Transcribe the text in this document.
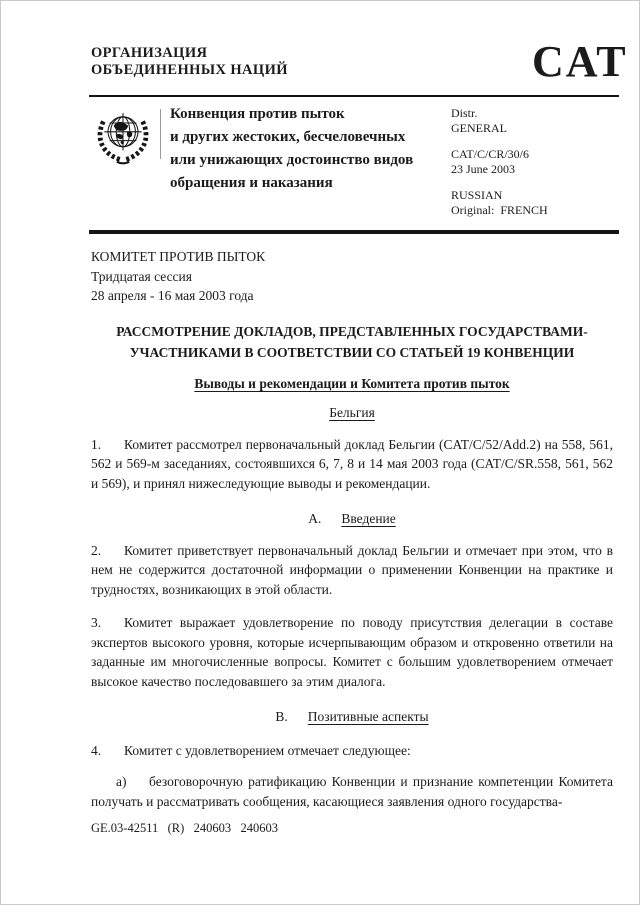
ОРГАНИЗАЦИЯ
ОБЪЕДИНЕННЫХ НАЦИЙ	CAT
Конвенция против пыток
и других жестоких, бесчеловечных
или унижающих достоинство видов
обращения и наказания
Distr.
GENERAL
CAT/C/CR/30/6
23 June 2003
RUSSIAN
Original:  FRENCH
КОМИТЕТ ПРОТИВ ПЫТОК
Тридцатая сессия
28 апреля - 16 мая 2003 года
РАССМОТРЕНИЕ ДОКЛАДОВ, ПРЕДСТАВЛЕННЫХ ГОСУДАРСТВАМИ-
УЧАСТНИКАМИ В СООТВЕТСТВИИ СО СТАТЬЕЙ 19 КОНВЕНЦИИ
Выводы и рекомендации и Комитета против пыток
Бельгия

1. Комитет рассмотрел первоначальный доклад Бельгии (CAT/C/52/Add.2) на 558, 561, 562 и 569-м заседаниях, состоявшихся 6, 7, 8 и 14 мая 2003 года (CAT/C/SR.558, 561, 562 и 569), и принял нижеследующие выводы и рекомендации.

А. Введение

2. Комитет приветствует первоначальный доклад Бельгии и отмечает при этом, что в нем не содержится достаточной информации о применении Конвенции на практике и трудностях, возникающих в этой области.

3. Комитет выражает удовлетворение по поводу присутствия делегации в составе экспертов высокого уровня, которые исчерпывающим образом и откровенно ответили на заданные им многочисленные вопросы. Комитет с большим удовлетворением отмечает высокое качество последовавшего за этим диалога.

В. Позитивные аспекты

4. Комитет с удовлетворением отмечает следующее:

а) безоговорочную ратификацию Конвенции и признание компетенции Комитета получать и рассматривать сообщения, касающиеся заявления одного государства-

GE.03-42511   (R)   240603   240603
